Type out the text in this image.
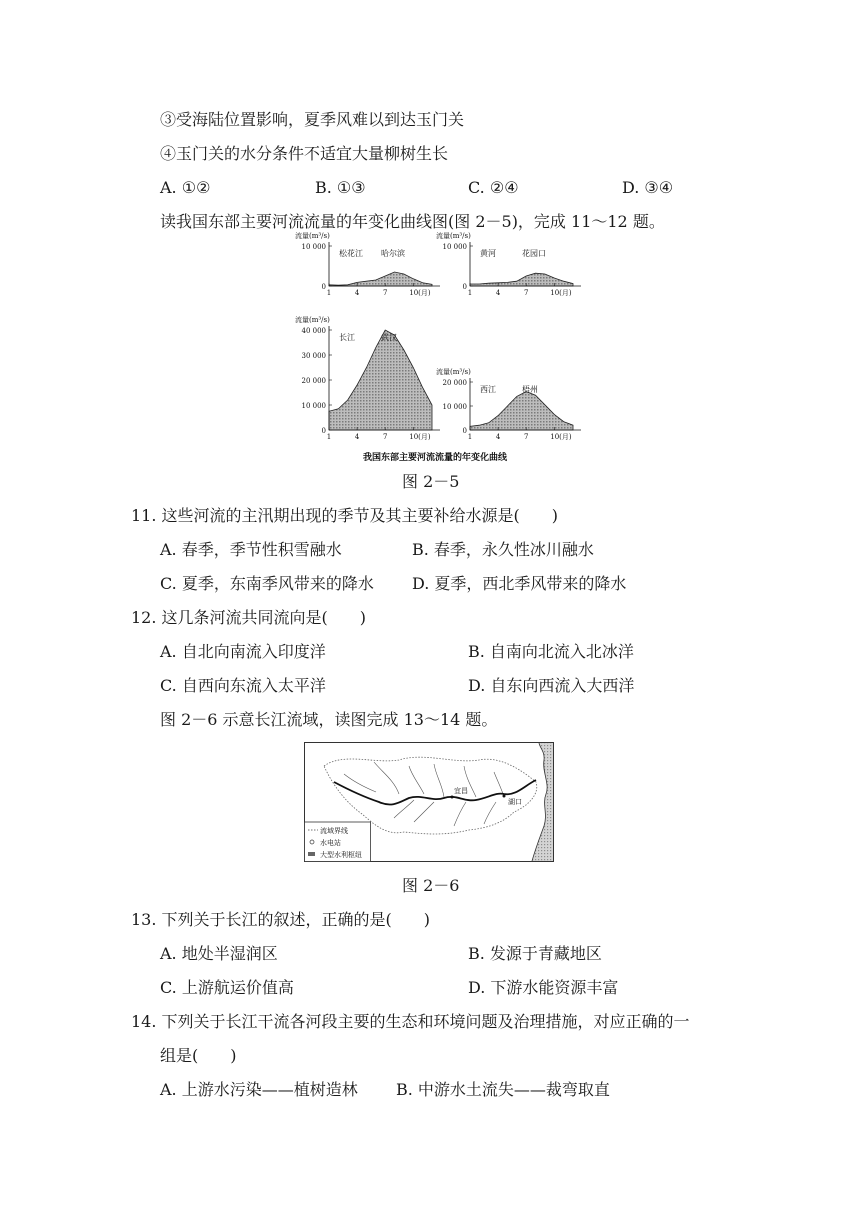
③受海陆位置影响，夏季风难以到达玉门关
④玉门关的水分条件不适宜大量柳树生长
A. ①②	B. ①③	C. ②④	D. ③④
读我国东部主要河流流量的年变化曲线图(图 2－5)，完成 11～12 题。
流量(m³/s)
10 000
0
1	4	7	10(月)
松花江 哈尔滨
流量(m³/s)
10 000
0
1	4	7	10(月)
黄河	花园口
流量(m³/s)
40 000
30 000
20 000
10 000
0
1	4	7	10(月)
长江	武汉
流量(m³/s)
20 000
10 000
0
1	4	7	10(月)
西江	梧州
我国东部主要河流流量的年变化曲线
图 2－5
11. 这些河流的主汛期出现的季节及其主要补给水源是(　　)
A. 春季，季节性积雪融水	B. 春季，永久性冰川融水
C. 夏季，东南季风带来的降水 D. 夏季，西北季风带来的降水
12. 这几条河流共同流向是(　　)
A. 自北向南流入印度洋	B. 自南向北流入北冰洋
C. 自西向东流入太平洋	D. 自东向西流入大西洋
图 2－6 示意长江流域，读图完成 13～14 题。
宜昌
湖口
流域界线
水电站
大型水利枢纽
图 2－6
13. 下列关于长江的叙述，正确的是(　　)
A. 地处半湿润区	B. 发源于青藏地区
C. 上游航运价值高	D. 下游水能资源丰富
14. 下列关于长江干流各河段主要的生态和环境问题及治理措施，对应正确的一
组是(　　)
A. 上游水污染——植树造林 B. 中游水土流失——裁弯取直
